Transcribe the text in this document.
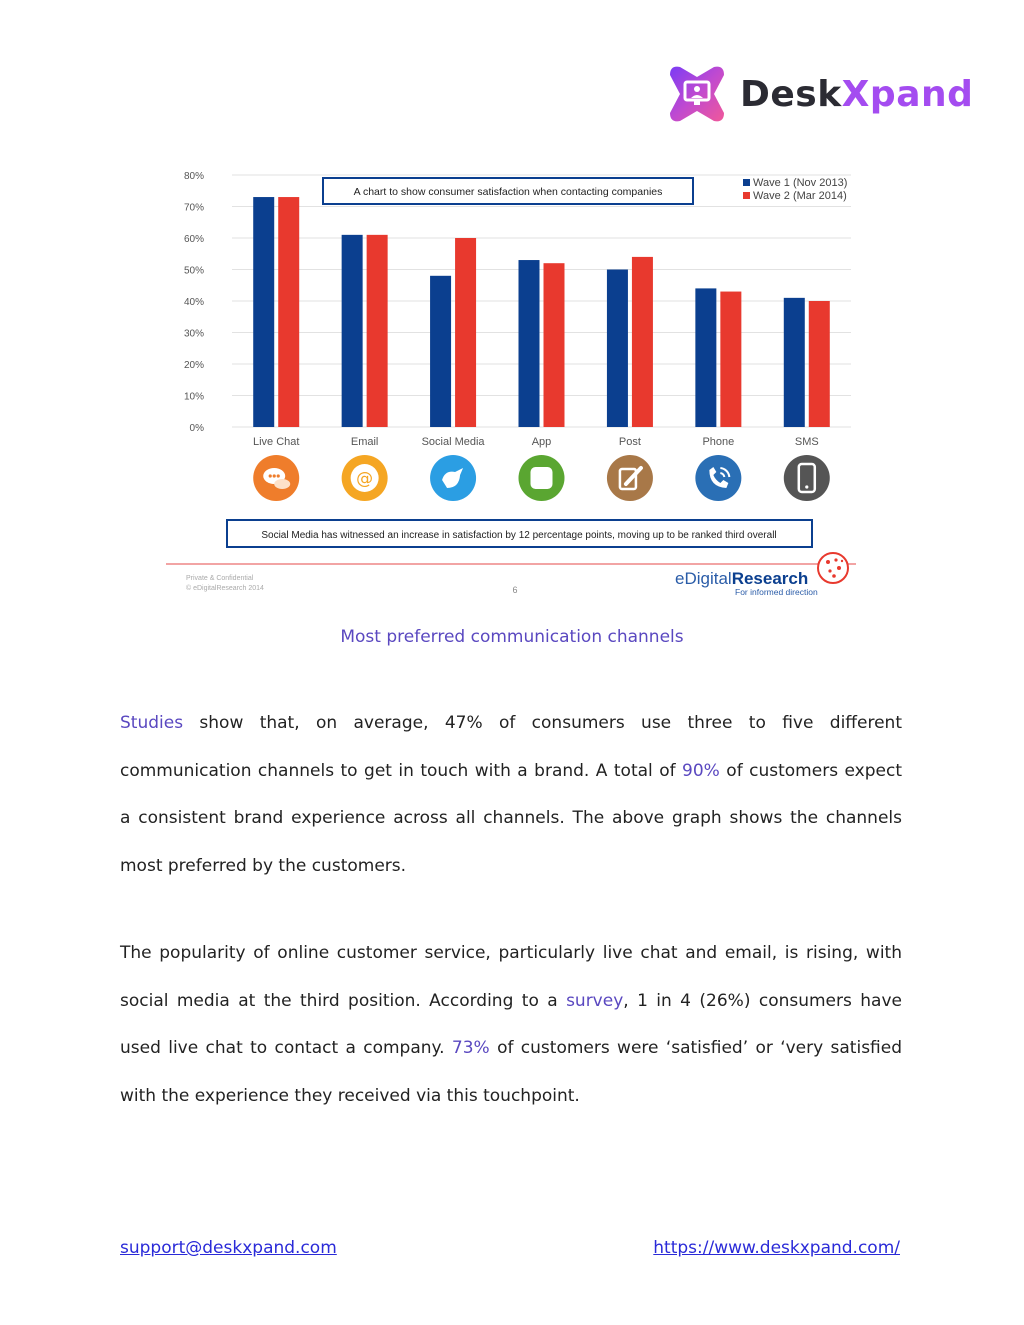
DeskXpand
0%
10%
20%
30%
40%
50%
60%
70%
80%
Live Chat	Email	Social Media	App	Post	Phone	SMS
@
A chart to show consumer satisfaction when contacting companies
Wave 1 (Nov 2013)
Wave 2 (Mar 2014)
Social Media has witnessed an increase in satisfaction by 12 percentage points, moving up to be ranked third overall
Private & Confidential
© eDigitalResearch 2014	6
eDigitalResearch
For informed direction
Most preferred communication channels

Studies show that, on average, 47% of consumers use three to five different communication channels to get in touch with a brand. A total of 90% of customers expect a consistent brand experience across all channels. The above graph shows the channels most preferred by the customers.

The popularity of online customer service, particularly live chat and email, is rising, with social media at the third position. According to a survey, 1 in 4 (26%) consumers have used live chat to contact a company. 73% of customers were ‘satisfied’ or ‘very satisfied with the experience they received via this touchpoint.

support@deskxpand.com	https://www.deskxpand.com/
